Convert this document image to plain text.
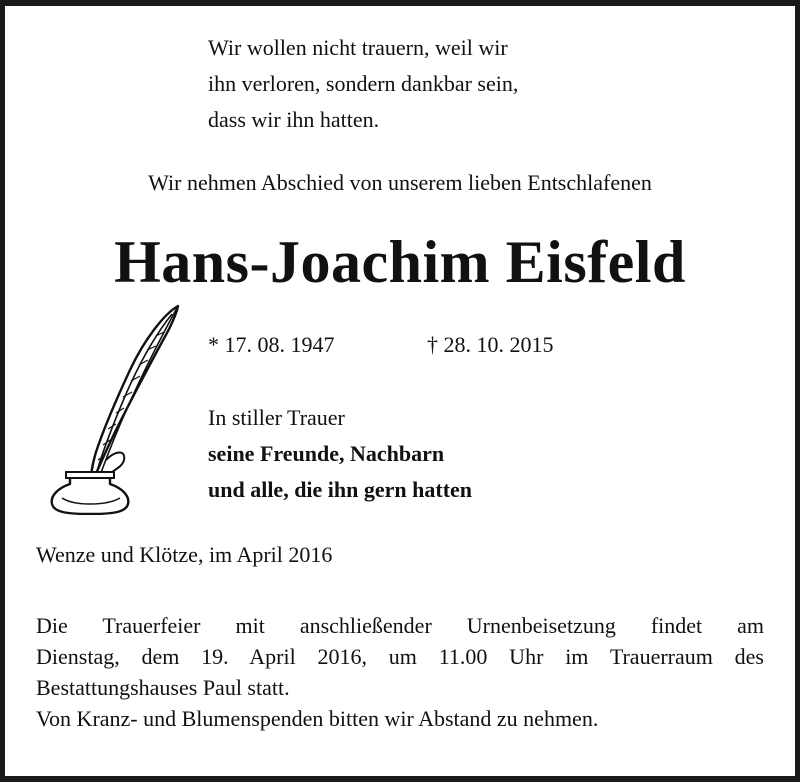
Wir wollen nicht trauern, weil wir
ihn verloren, sondern dankbar sein,
dass wir ihn hatten.
Wir nehmen Abschied von unserem lieben Entschlafenen
Hans-Joachim Eisfeld
* 17. 08. 1947	† 28. 10. 2015
In stiller Trauer
seine Freunde, Nachbarn
und alle, die ihn gern hatten
Wenze und Klötze, im April 2016
Die Trauerfeier mit anschließender Urnenbeisetzung findet am
Dienstag, dem 19. April 2016, um 11.00 Uhr im Trauerraum des
Bestattungshauses Paul statt.
Von Kranz- und Blumenspenden bitten wir Abstand zu nehmen.
